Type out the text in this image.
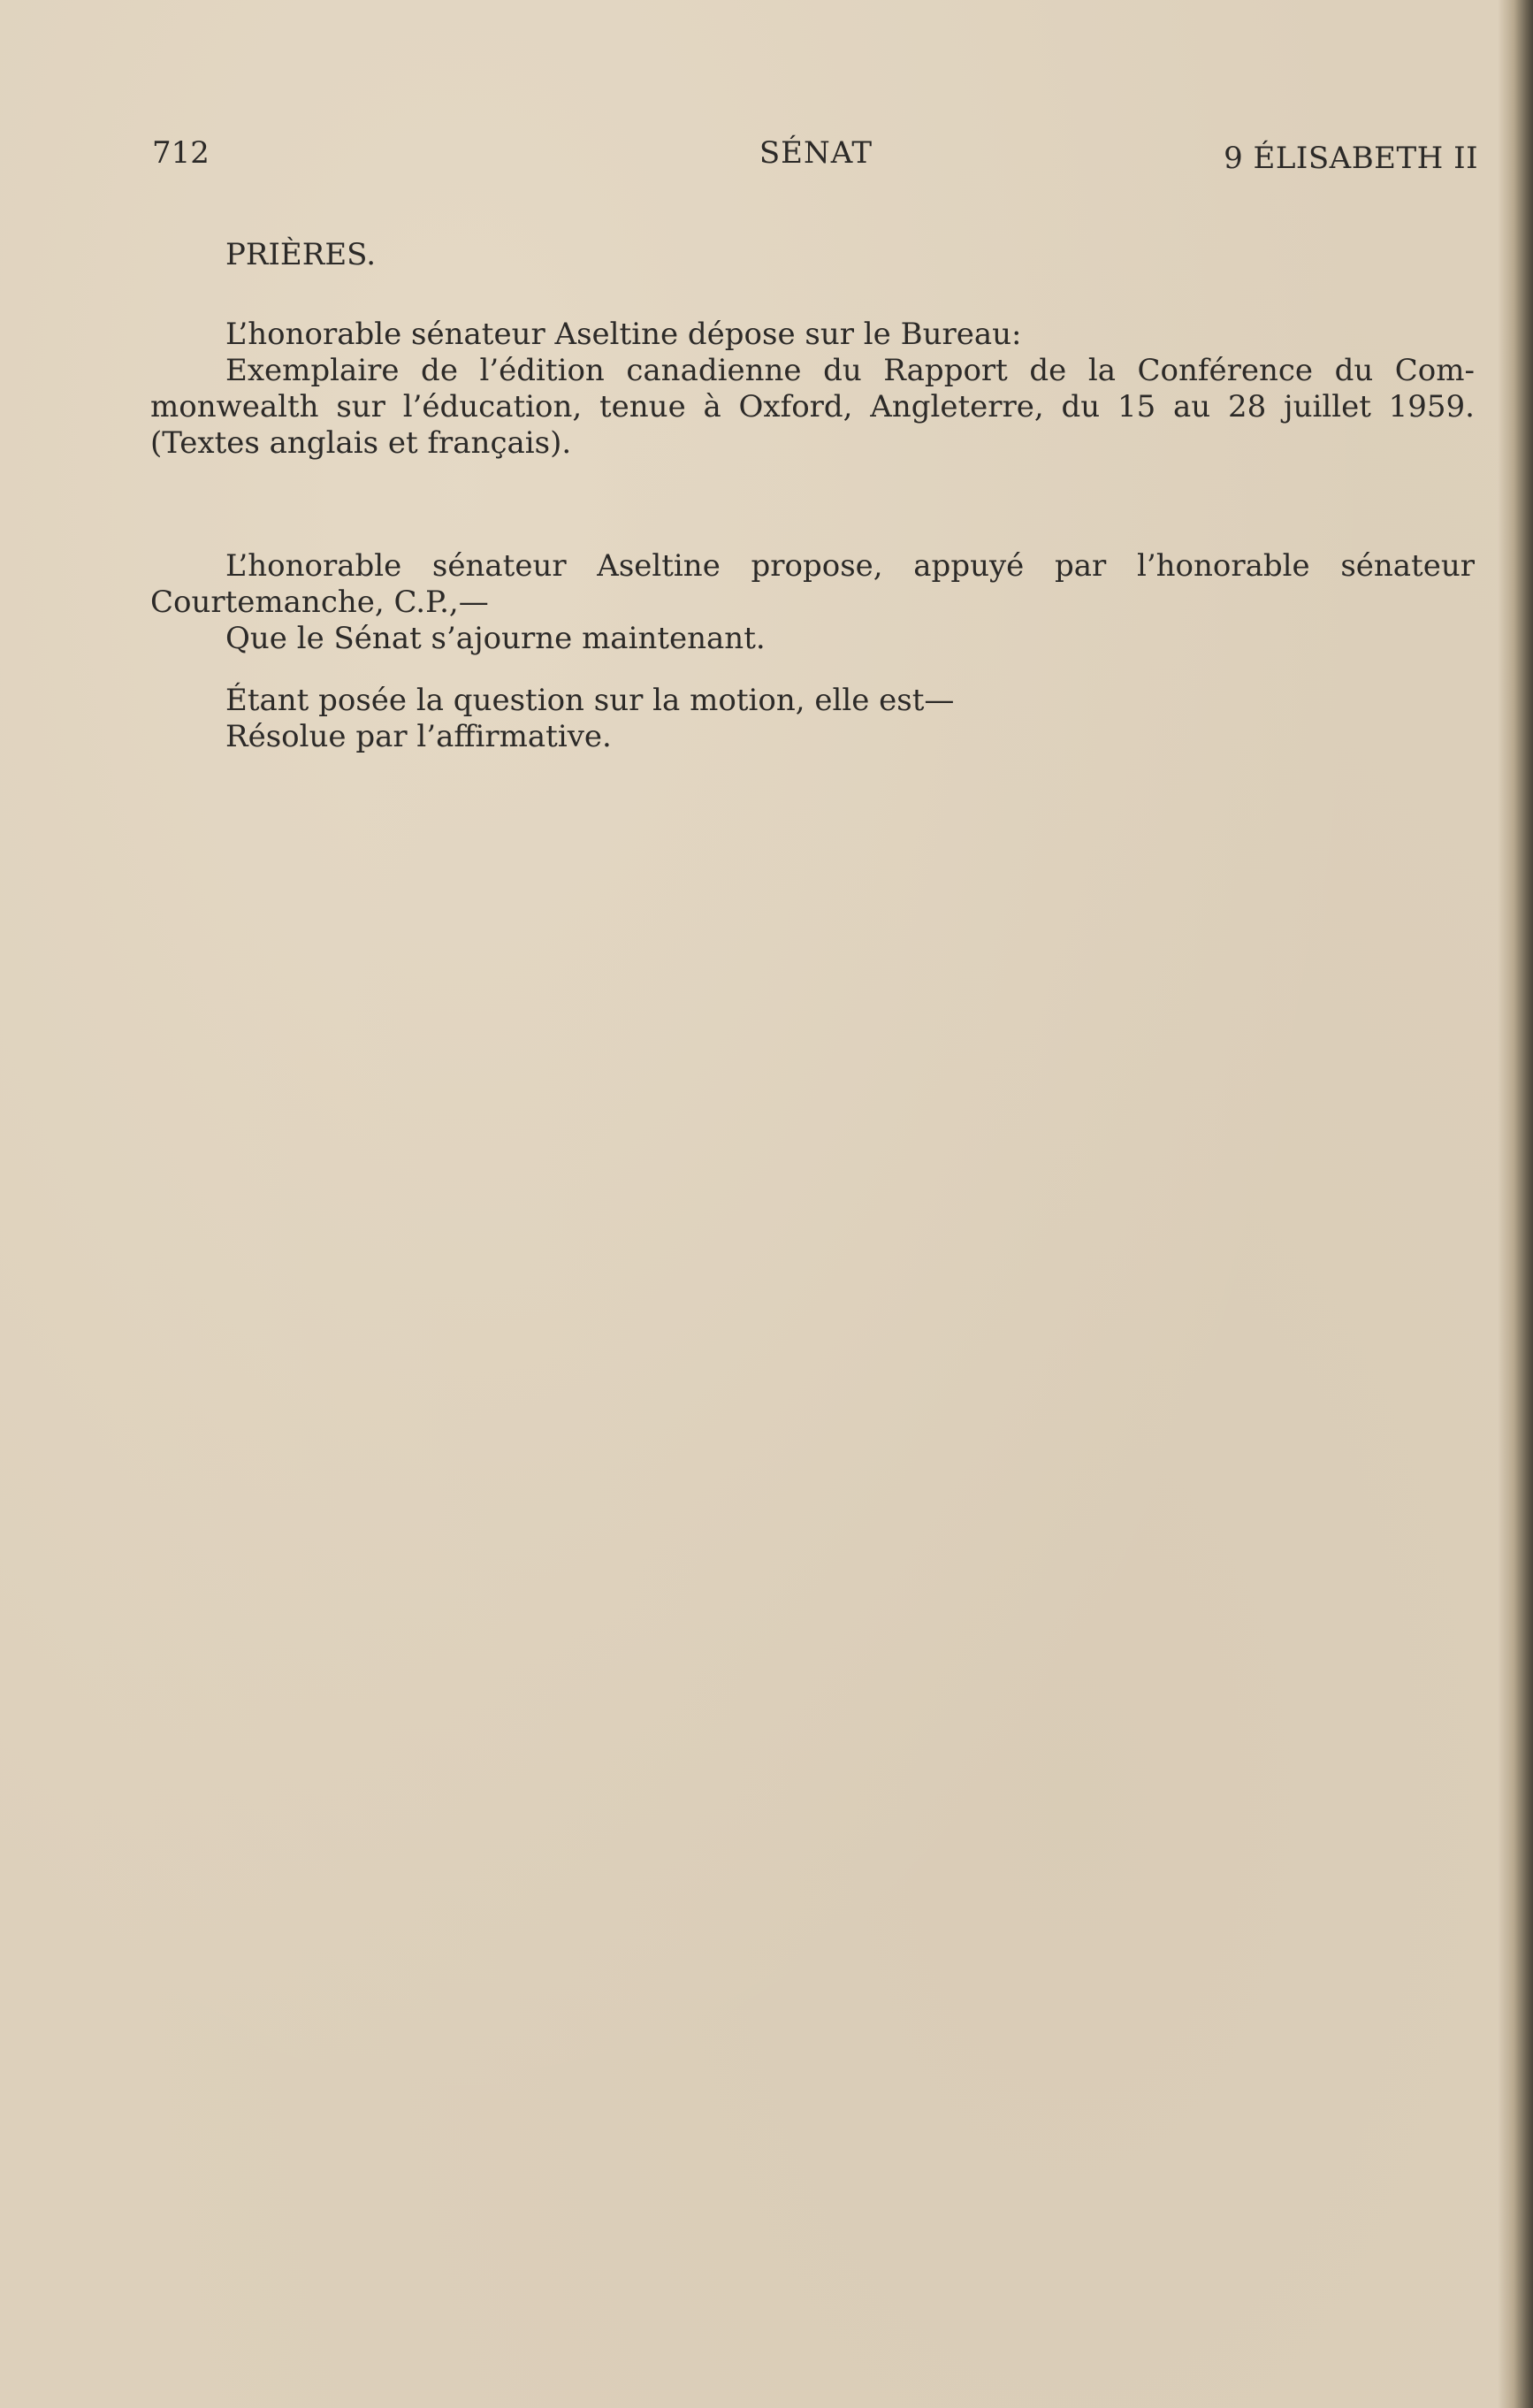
712	SÉNAT	9 ÉLISABETH II

PRIÈRES.

L’honorable sénateur Aseltine dépose sur le Bureau:

Exemplaire de l’édition canadienne du Rapport de la Conférence du Com-

monwealth sur l’éducation, tenue à Oxford, Angleterre, du 15 au 28 juillet 1959.

(Textes anglais et français).

L’honorable sénateur Aseltine propose, appuyé par l’honorable sénateur

Courtemanche, C.P.,—

Que le Sénat s’ajourne maintenant.

Étant posée la question sur la motion, elle est—

Résolue par l’affirmative.
